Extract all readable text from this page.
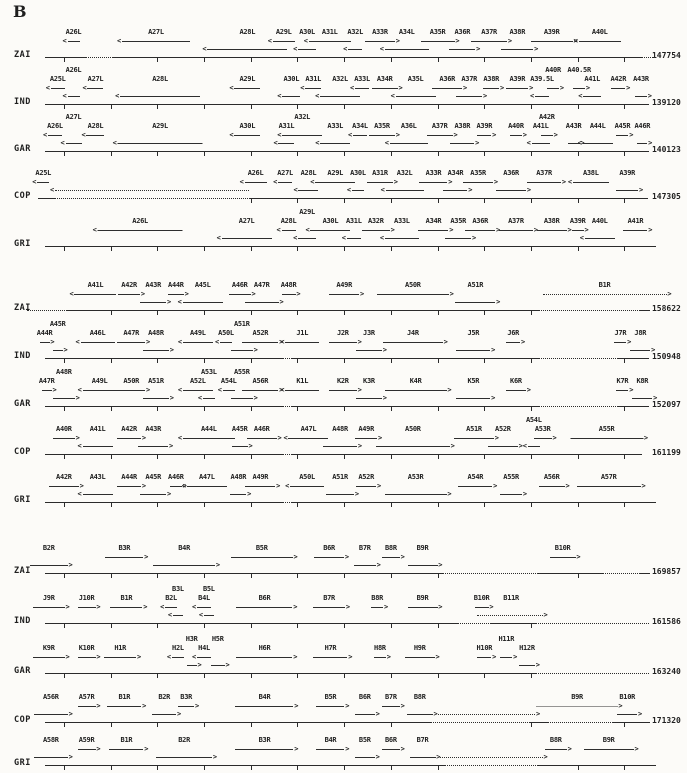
B
ZAI	147754
A26L
<	A27L
<	A28L
<	A29L
< A30L
< A31L
< A32L
< A33R
> A34L
< A35R
> A36R
> A37R
> A38R
>	A39R
>	A40L
<
IND	139120
A25L
<
A26L
<
A27L
<	A28L
<	A29L
<	A30L
< A31L
< A32L
< A33L
< A34R
> A35L
< A36R
> A37R
> A38R
> A39R
> A39.5L
<
A40R
> A40.5R
>
A41L
< A42R
> A43R
>
GAR	140123
A26L
<
A27L
<
A28L
<	A29L
<	A30L
<	A31L
<
A32L
<
A33L
< A34L
< A35R
> A36L
< A37R
> A38R
> A39R
> A40R
> A41L
<
A42R
>
A43R
> A44L
< A45R
> A46R
>
COP	147305
A25L
<	A26L
< A27L
< A28L
< A29L
< A30L
< A31R
> A32L
< A33R
> A34R
> A35R
> A36R
> A37R
>	A38L
<	A39R
>
<
GRI
A26L
<	A27L
<	A28L
<
A29L
<
A30L
< A31L
< A32R
> A33L
< A34R
> A35R
> A36R
>	A37R
>	A38R
> A39R
> A40L
<	A41R
>
ZAI	158622
A41L
<	A42R
> A43R
> A44R
> A45L
<	A46R
> A47R
> A48R
>	A49R
>	A50R
>	A51R
>	B1R
>
IND	150948
A44R
>
A45R
>
A46L
<	A47R
> A48R
>	A49L
< A50L
<
A51R
>
A52R
>	J1L
<	J2R
> J3R
>	J4R
>	J5R
>	J6R
>	J7R
> J8R
>
GAR	152097
A47R
>
A48R
>
A49L
< A50R
> A51R
>	A52L
<
A53L
<
A54L
<
A55R
>
A56R
>	K1L
<	K2R
> K3R
>	K4R
>	K5R
>	K6R
>	K7R
> K8R
>
COP	161199
A40R
>	A41L
< A42R
> A43R
>	A44L
< A45R
> A46R
>	A47L
< A48R
> A49R
>	A50R
>	A51R
> A52R
>
A54L
<
A53R
>	A55R
>
GRI
A42R
>	A43L
< A44R
> A45R
> A46R
> A47L
< A48R
> A49R
>	A50L
< A51R
> A52R
>	A53R
>	A54R
>	A55R
>	A56R
>	A57R
>
ZAI	169857
B2R
>	B3R
>	B4R
>	B5R
>	B6R
>	B7R
> B8R
>	B9R
>	B10R
>
IND	161586
J9R
>	J10R
>	B1R
>	B2L
<
B3L
<
B4L
<
B5L
<
B6R
>	B7R
>	B8R
>	B9R
>	B10R
> B11R
>
GAR	163240
K9R
>	K10R
>	H1R
>	H2L
<
H3R
>
H4L
<
H5R
>
H6R
>	H7R
>	H8R
>	H9R
>	H10R
>
H11R
>
H12R
>
COP	171320
A56R
>	A57R
>	B1R
>	B2R
> B3R
>	B4R
>	B5R
>	B6R
> B7R
> B8R
>	B9R
>	B10R
>
>
GRI
A58R
>	A59R
>	B1R
>	B2R
>	B3R
>	B4R
>	B5R
> B6R
>	B7R
>	B8R
>	B9R
>
>
